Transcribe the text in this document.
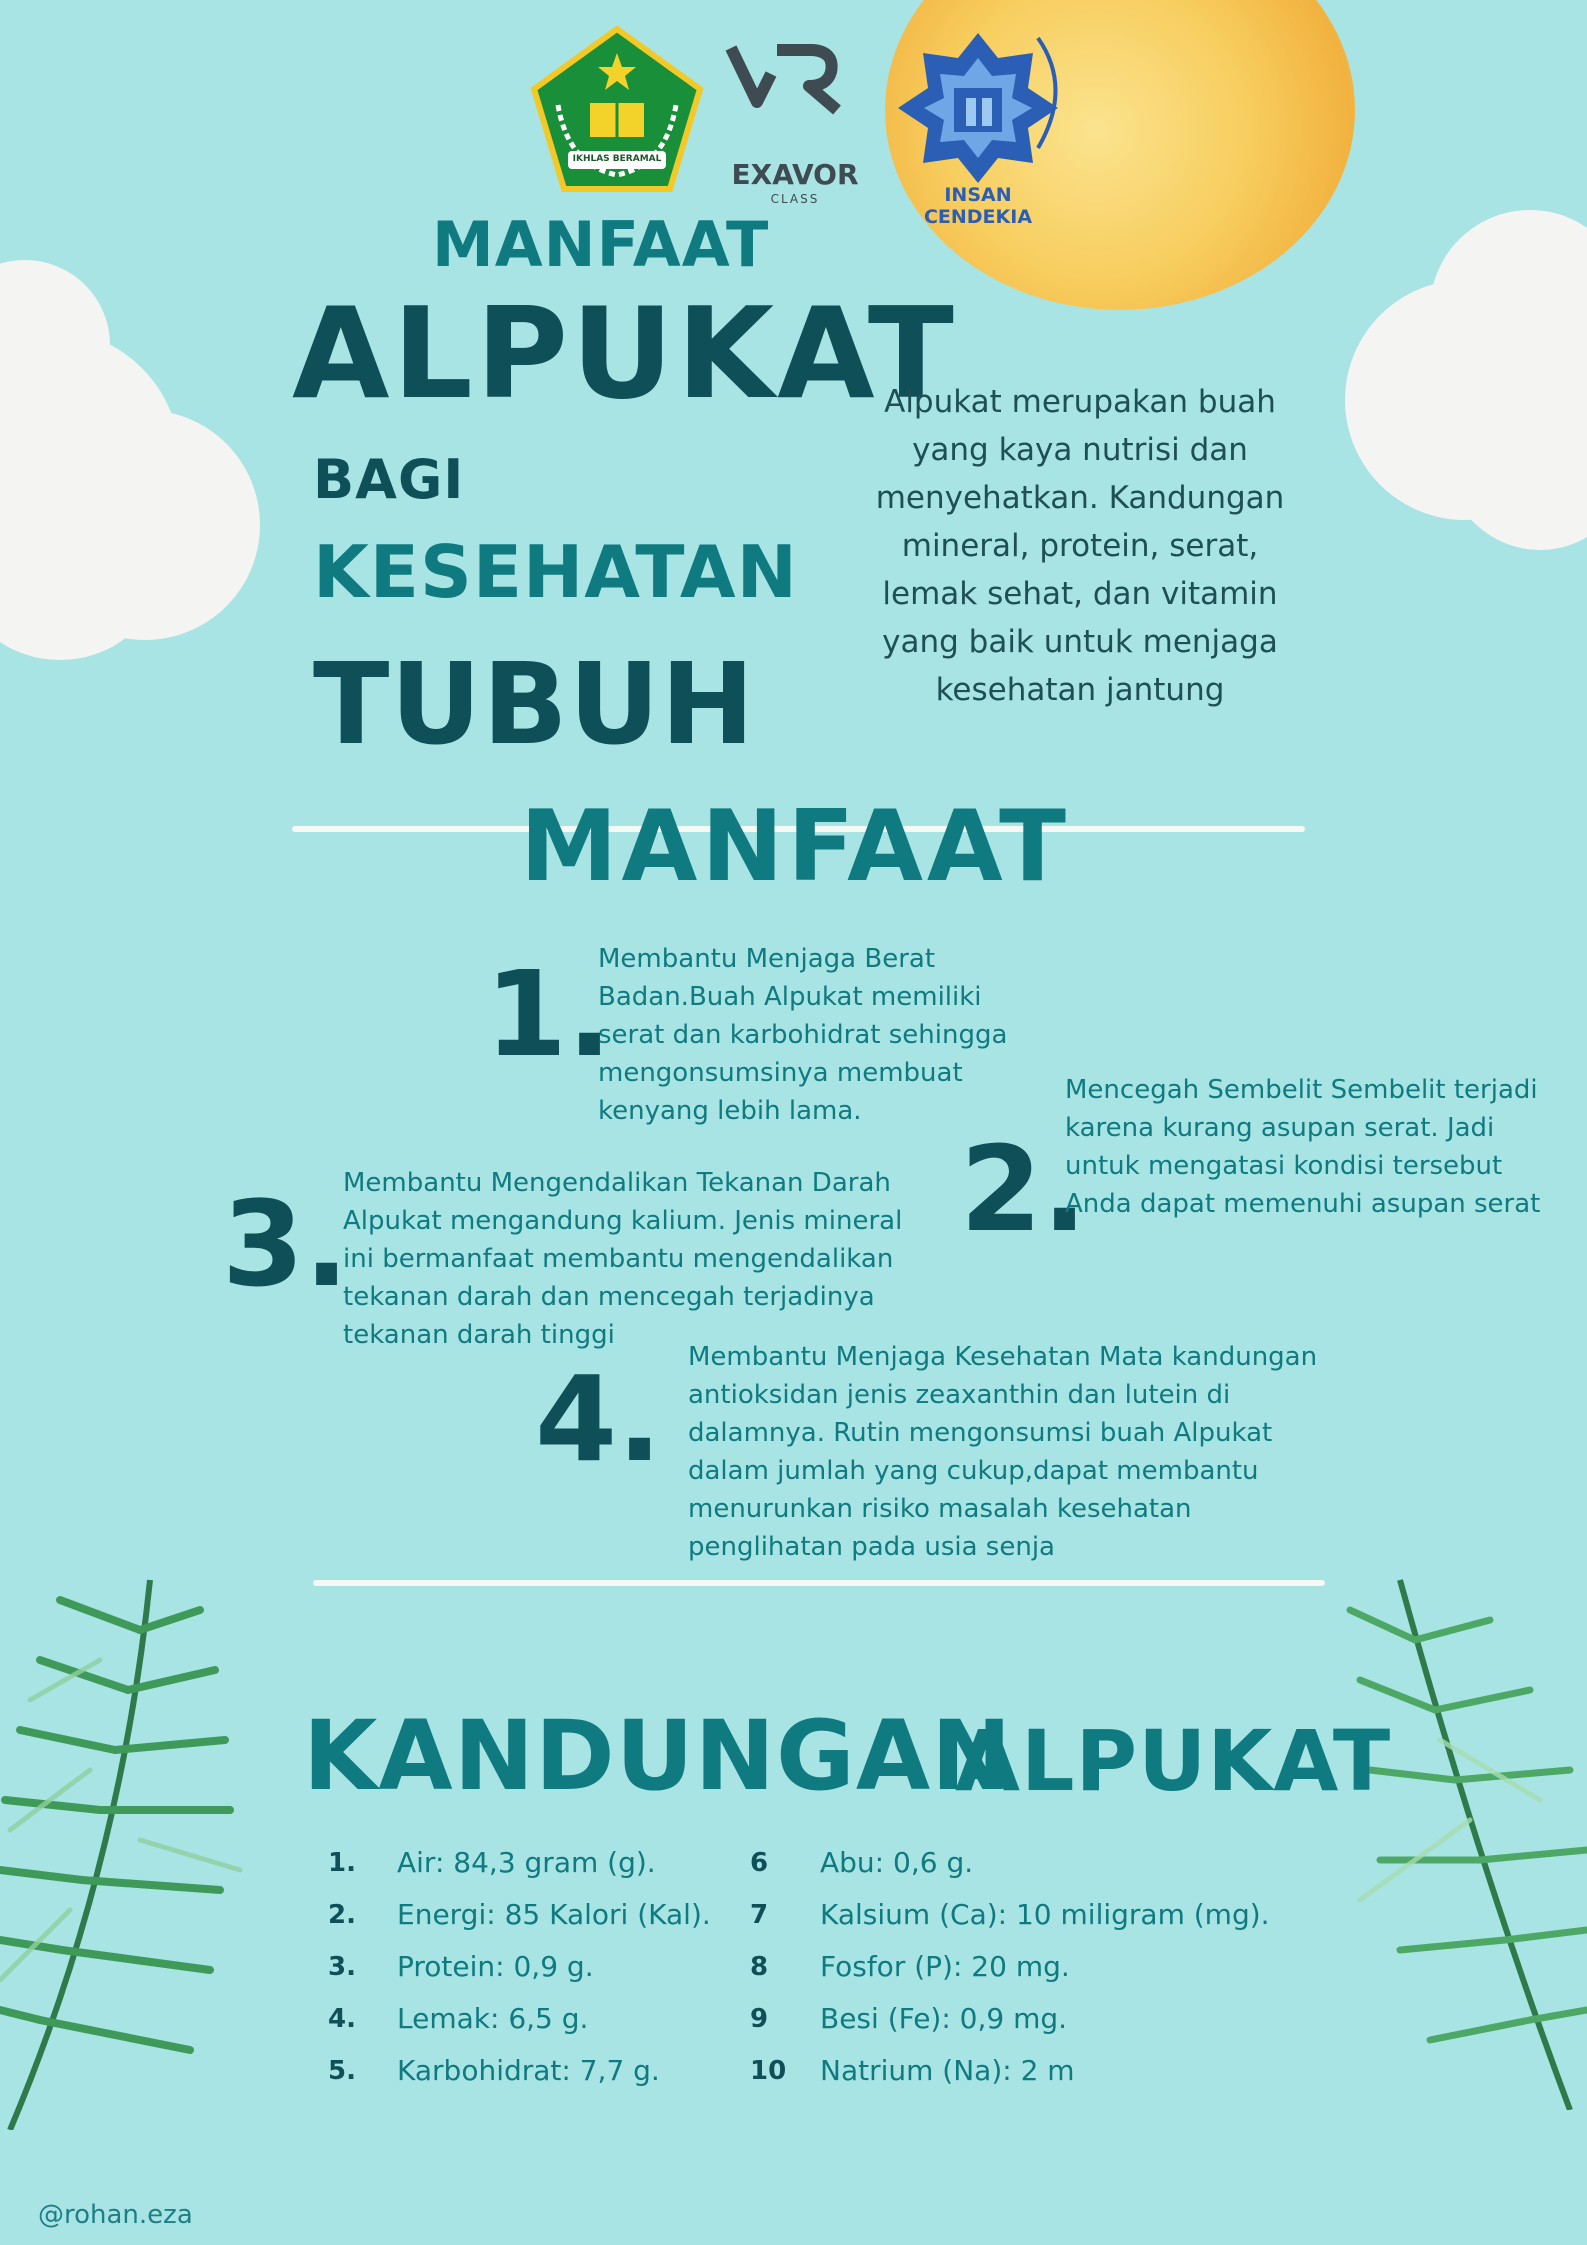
IKHLAS BERAMAL	EXAVOR
CLASS	INSAN CENDEKIA
MANFAAT
ALPUKAT
BAGI
KESEHATAN
TUBUH

Alpukat merupakan buah yang kaya nutrisi dan menyehatkan. Kandungan mineral, protein, serat, lemak sehat, dan vitamin yang baik untuk menjaga kesehatan jantung

MANFAAT
1.

Membantu Menjaga Berat Badan.Buah Alpukat memiliki serat dan karbohidrat sehingga mengonsumsinya membuat kenyang lebih lama.

2.

Mencegah Sembelit Sembelit terjadi karena kurang asupan serat. Jadi untuk mengatasi kondisi tersebut Anda dapat memenuhi asupan serat

3.

Membantu Mengendalikan Tekanan Darah Alpukat mengandung kalium. Jenis mineral ini bermanfaat membantu mengendalikan tekanan darah dan mencegah terjadinya tekanan darah tinggi

4. Membantu Menjaga Kesehatan Mata kandungan antioksidan jenis zeaxanthin dan lutein di dalamnya. Rutin mengonsumsi buah Alpukat dalam jumlah yang cukup,dapat membantu menurunkan risiko masalah kesehatan penglihatan pada usia senja

KANDUNGAN
ALPUKAT
1. Air: 84,3 gram (g).
2. Energi: 85 Kalori (Kal).
3. Protein: 0,9 g.
4. Lemak: 6,5 g.
5. Karbohidrat: 7,7 g.
6 Abu: 0,6 g.
7 Kalsium (Ca): 10 miligram (mg).
8 Fosfor (P): 20 mg.
9 Besi (Fe): 0,9 mg.
10 Natrium (Na): 2 m
@rohan.eza
